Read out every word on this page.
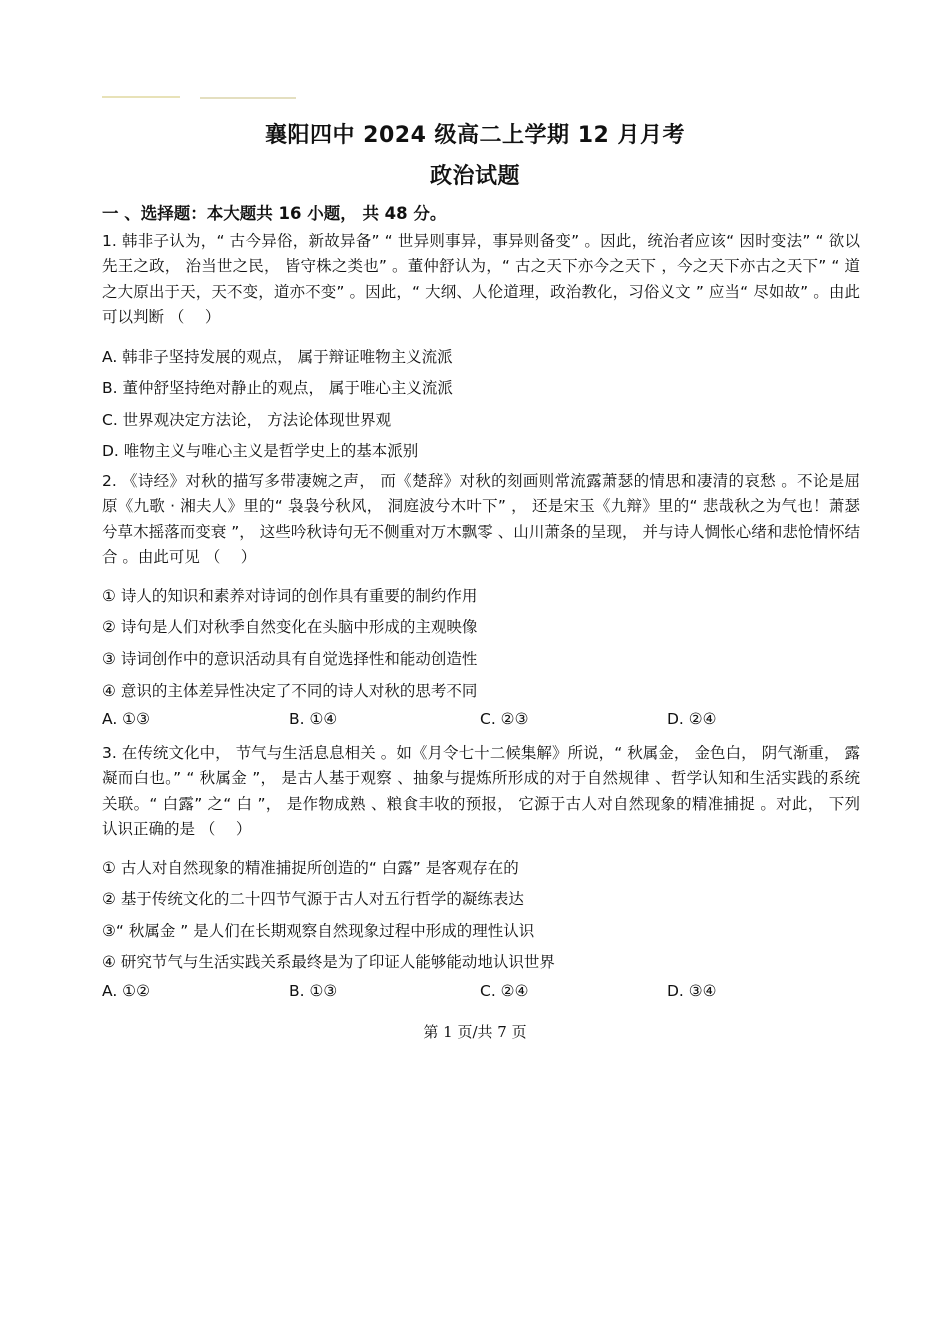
襄阳四中 2024 级高二上学期 12 月月考
政治试题
一 、选择题：本大题共 16 小题， 共 48 分。
1. 韩非子认为，“ 古今异俗，新故异备” “ 世异则事异，事异则备变” 。因此，统治者应该“ 因时变法” “ 欲以先王之政， 治当世之民， 皆守株之类也” 。董仲舒认为，“ 古之天下亦今之天下 ，今之天下亦古之天下” “ 道之大原出于天，天不变，道亦不变” 。因此，“ 大纲、人伦道理，政治教化，习俗义文 ” 应当“ 尽如故” 。由此可以判断 （　 ）
A. 韩非子坚持发展的观点， 属于辩证唯物主义流派
B. 董仲舒坚持绝对静止的观点， 属于唯心主义流派
C. 世界观决定方法论， 方法论体现世界观
D. 唯物主义与唯心主义是哲学史上的基本派别
2. 《诗经》对秋的描写多带凄婉之声， 而《楚辞》对秋的刻画则常流露萧瑟的情思和凄清的哀愁 。不论是屈原《九歌 · 湘夫人》里的“ 袅袅兮秋风， 洞庭波兮木叶下” ， 还是宋玉《九辩》里的“ 悲哉秋之为气也！萧瑟兮草木摇落而变衰 ”， 这些吟秋诗句无不侧重对万木飘零 、山川萧条的呈现， 并与诗人惆怅心绪和悲怆情怀结合 。由此可见 （　 ）
① 诗人的知识和素养对诗词的创作具有重要的制约作用
② 诗句是人们对秋季自然变化在头脑中形成的主观映像
③ 诗词创作中的意识活动具有自觉选择性和能动创造性
④ 意识的主体差异性决定了不同的诗人对秋的思考不同
A. ①③	B. ①④	C. ②③	D. ②④
3. 在传统文化中， 节气与生活息息相关 。如《月令七十二候集解》所说，“ 秋属金， 金色白， 阴气渐重， 露凝而白也。” “ 秋属金 ”， 是古人基于观察 、抽象与提炼所形成的对于自然规律 、哲学认知和生活实践的系统关联。“ 白露” 之“ 白 ”， 是作物成熟 、粮食丰收的预报， 它源于古人对自然现象的精准捕捉 。对此， 下列认识正确的是 （　 ）
① 古人对自然现象的精准捕捉所创造的“ 白露” 是客观存在的
② 基于传统文化的二十四节气源于古人对五行哲学的凝练表达
③“ 秋属金 ” 是人们在长期观察自然现象过程中形成的理性认识
④ 研究节气与生活实践关系最终是为了印证人能够能动地认识世界
A. ①②	B. ①③	C. ②④	D. ③④
第 1 页/共 7 页
